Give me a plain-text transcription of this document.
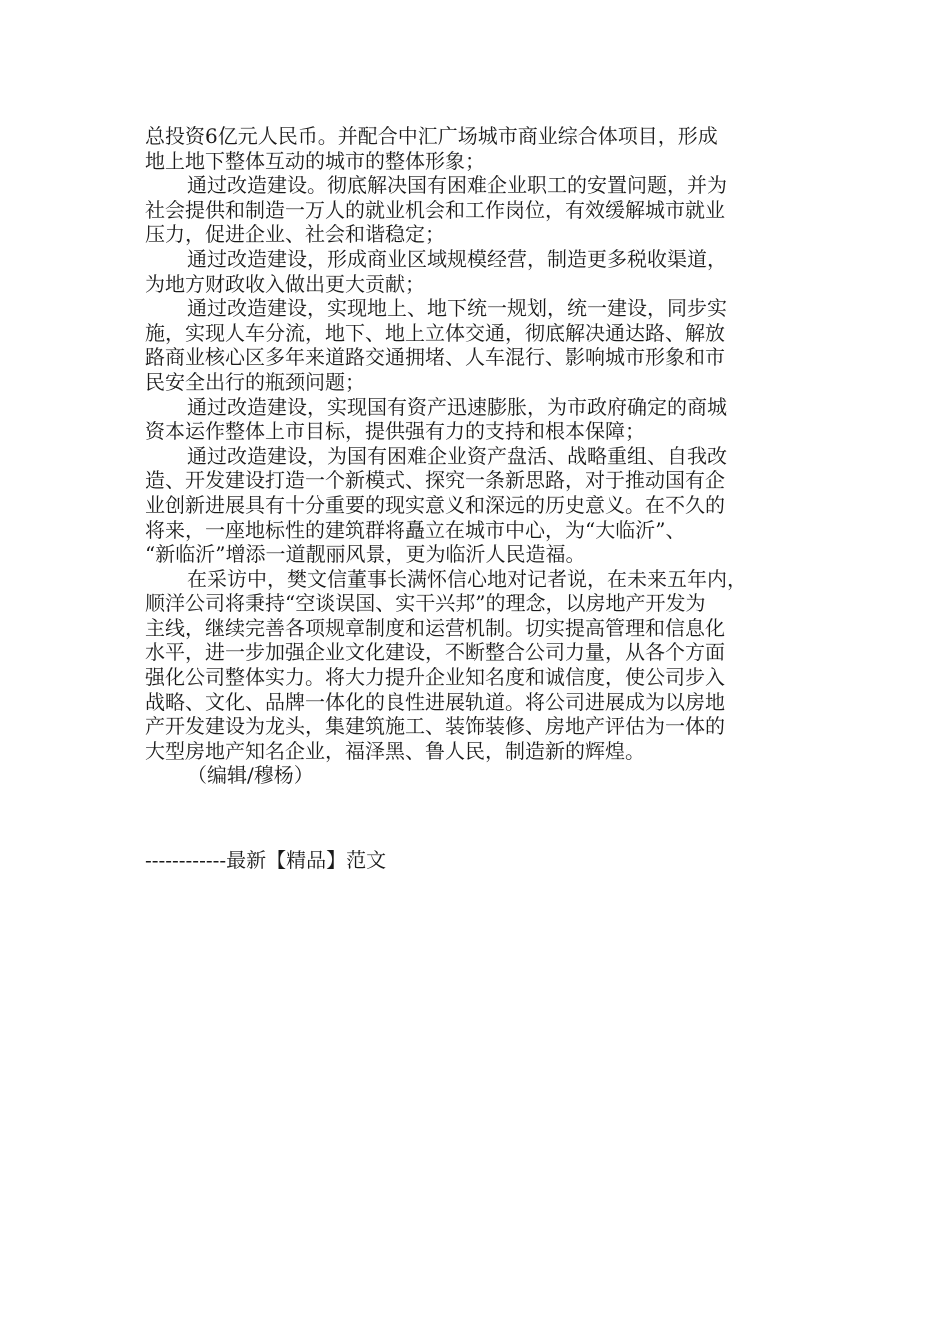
总投资6亿元人民币。并配合中汇广场城市商业综合体项目，形成
地上地下整体互动的城市的整体形象；
通过改造建设。彻底解决国有困难企业职工的安置问题，并为
社会提供和制造一万人的就业机会和工作岗位，有效缓解城市就业
压力，促进企业、社会和谐稳定；
通过改造建设，形成商业区域规模经营，制造更多税收渠道，
为地方财政收入做出更大贡献；
通过改造建设，实现地上、地下统一规划，统一建设，同步实
施，实现人车分流，地下、地上立体交通，彻底解决通达路、解放
路商业核心区多年来道路交通拥堵、人车混行、影响城市形象和市
民安全出行的瓶颈问题；
通过改造建设，实现国有资产迅速膨胀，为市政府确定的商城
资本运作整体上市目标，提供强有力的支持和根本保障；
通过改造建设，为国有困难企业资产盘活、战略重组、自我改
造、开发建设打造一个新模式、探究一条新思路，对于推动国有企
业创新进展具有十分重要的现实意义和深远的历史意义。在不久的
将来，一座地标性的建筑群将矗立在城市中心，为“大临沂”、
“新临沂”增添一道靓丽风景，更为临沂人民造福。
在采访中，樊文信董事长满怀信心地对记者说，在未来五年内，
顺洋公司将秉持“空谈误国、实干兴邦”的理念，以房地产开发为
主线，继续完善各项规章制度和运营机制。切实提高管理和信息化
水平，进一步加强企业文化建设，不断整合公司力量，从各个方面
强化公司整体实力。将大力提升企业知名度和诚信度，使公司步入
战略、文化、品牌一体化的良性进展轨道。将公司进展成为以房地
产开发建设为龙头，集建筑施工、装饰装修、房地产评估为一体的
大型房地产知名企业，福泽黑、鲁人民，制造新的辉煌。
（编辑/穆杨）
------------最新【精品】范文
